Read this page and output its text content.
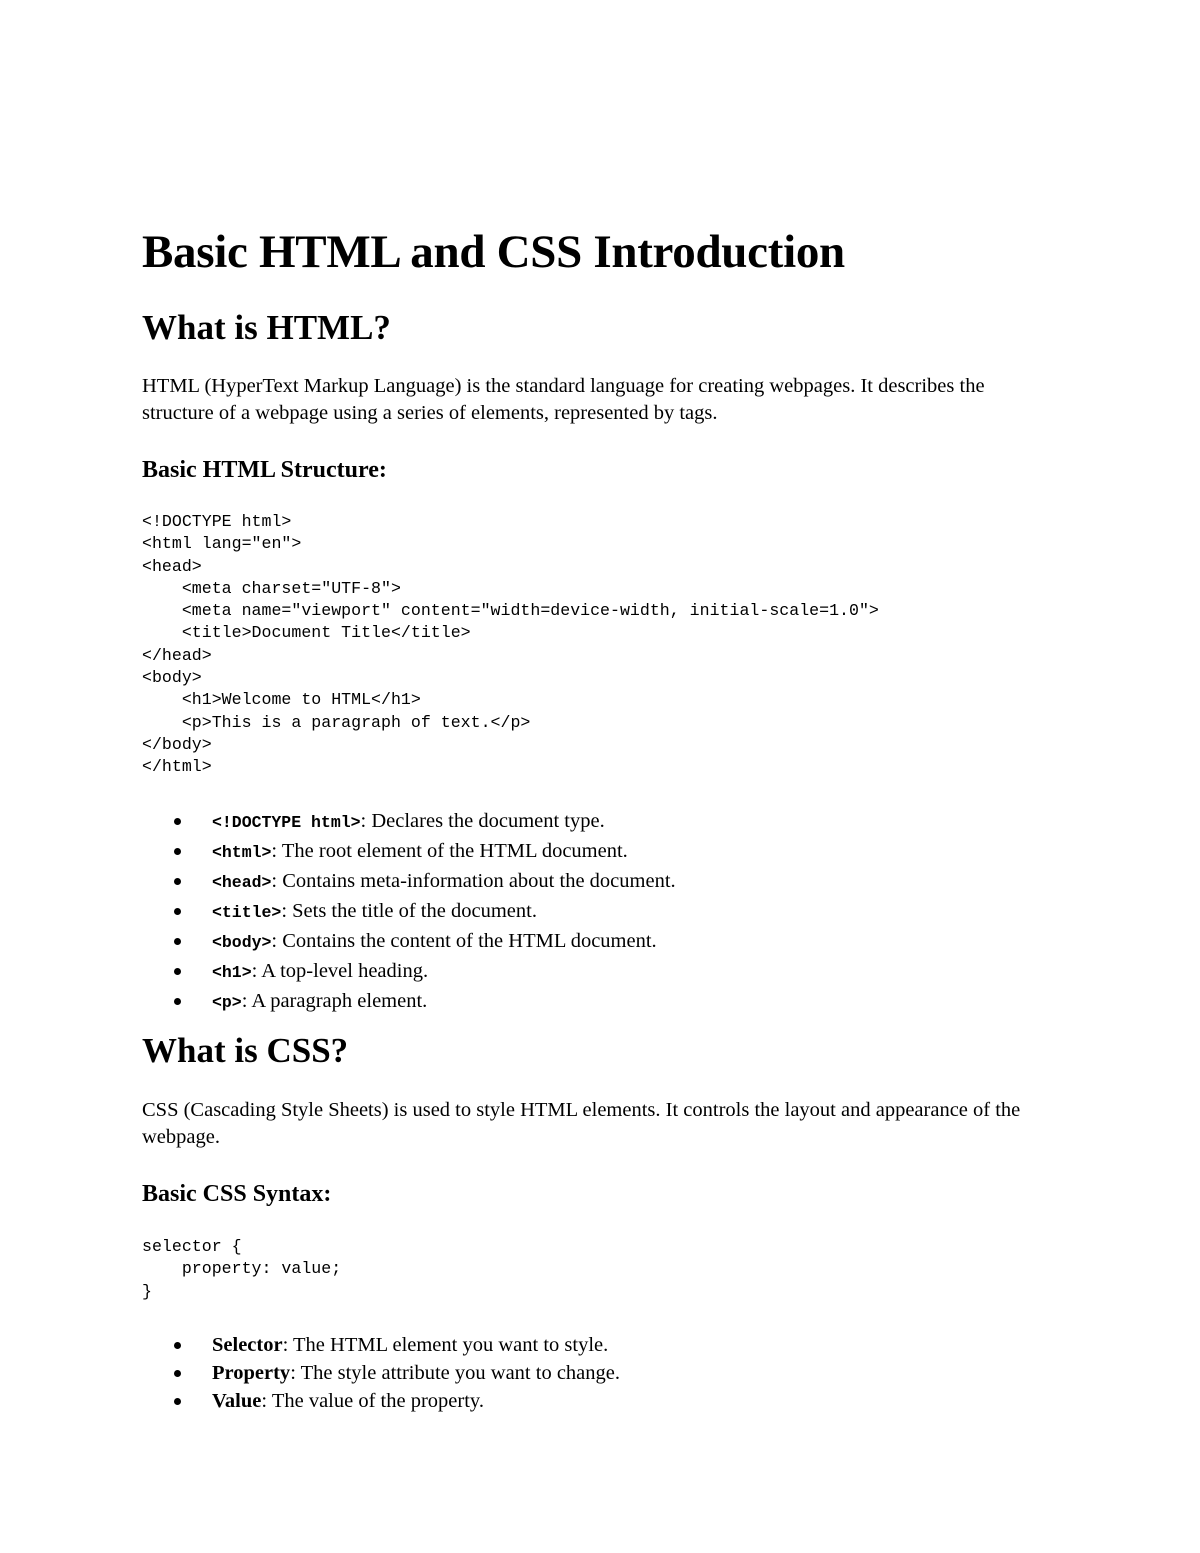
Basic HTML and CSS Introduction
What is HTML?

HTML (HyperText Markup Language) is the standard language for creating webpages. It describes the structure of a webpage using a series of elements, represented by tags.

Basic HTML Structure:
<!DOCTYPE html>
<html lang="en">
<head>
<meta charset="UTF-8">
<meta name="viewport" content="width=device-width, initial-scale=1.0">
<title>Document Title</title>
</head>
<body>
<h1>Welcome to HTML</h1>
<p>This is a paragraph of text.</p>
</body>
</html>
<!DOCTYPE html>: Declares the document type.
<html>: The root element of the HTML document.
<head>: Contains meta-information about the document.
<title>: Sets the title of the document.
<body>: Contains the content of the HTML document.
<h1>: A top-level heading.
<p>: A paragraph element.
What is CSS?

CSS (Cascading Style Sheets) is used to style HTML elements. It controls the layout and appearance of the webpage.

Basic CSS Syntax:
selector {
property: value;
}
Selector: The HTML element you want to style.
Property: The style attribute you want to change.
Value: The value of the property.
